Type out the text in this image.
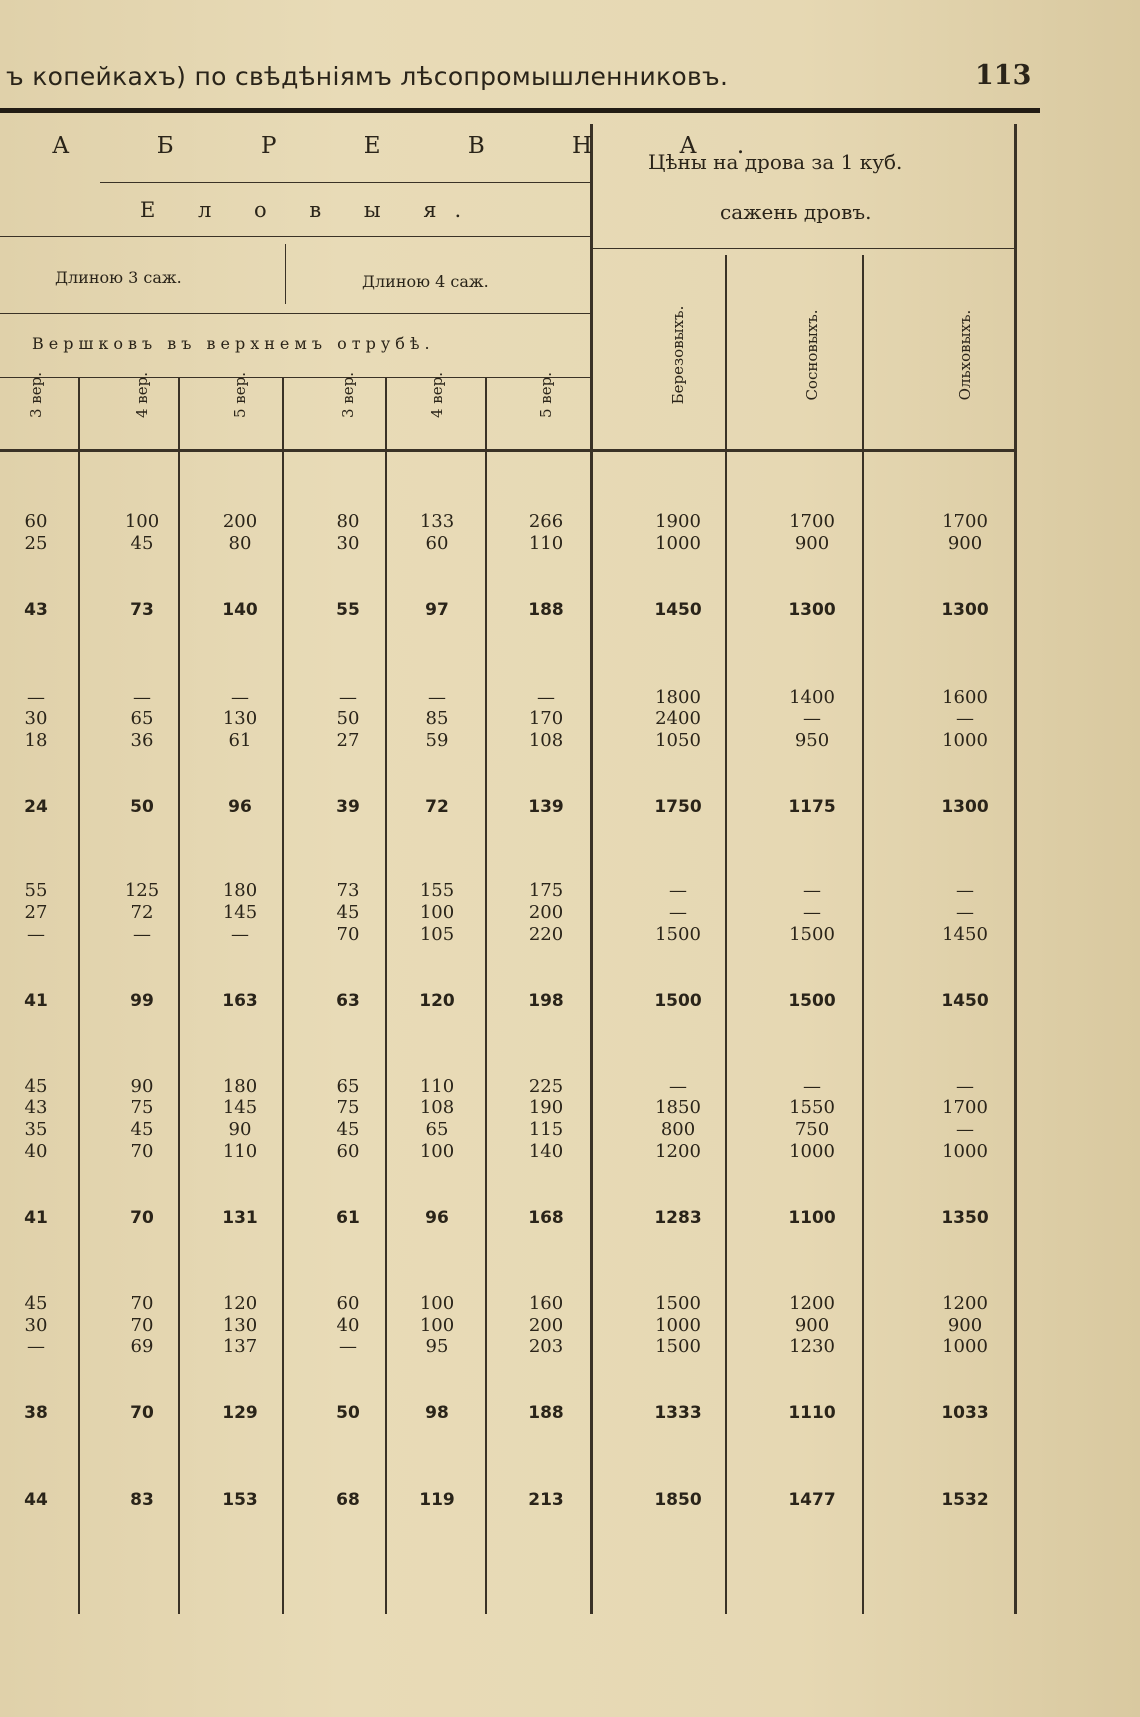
ъ копейкахъ) по свѣдѣніямъ лѣсопромышленниковъ.	113
А Б Р Е В Н А.
Е л о в ы я.
Длиною 3 саж.	Длиною 4 саж.
Вершковъ въ верхнемъ отрубѣ.
Цѣны на дрова за 1 куб.
сажень дровъ.
3 вер.	4 вер.	5 вер.	3 вер.	4 вер.	5 вер.	Березовыхъ.	Сосновыхъ.	Ольховыхъ.
60	100	200	80	133	266	1900	1700	1700
25	45	80	30	60	110	1000	900	900
43	73	140	55	97	188	1450	1300	1300
—	—	—	—	—	—	1800	1400	1600
30	65	130	50	85	170	2400	—	—
18	36	61	27	59	108	1050	950	1000
24	50	96	39	72	139	1750	1175	1300
55	125	180	73	155	175	—	—	—
27	72	145	45	100	200	—	—	—
—	—	—	70	105	220	1500	1500	1450
41	99	163	63	120	198	1500	1500	1450
45	90	180	65	110	225	—	—	—
43	75	145	75	108	190	1850	1550	1700
35	45	90	45	65	115	800	750	—
40	70	110	60	100	140	1200	1000	1000
41	70	131	61	96	168	1283	1100	1350
45	70	120	60	100	160	1500	1200	1200
30	70	130	40	100	200	1000	900	900
—	69	137	—	95	203	1500	1230	1000
38	70	129	50	98	188	1333	1110	1033
44	83	153	68	119	213	1850	1477	1532
